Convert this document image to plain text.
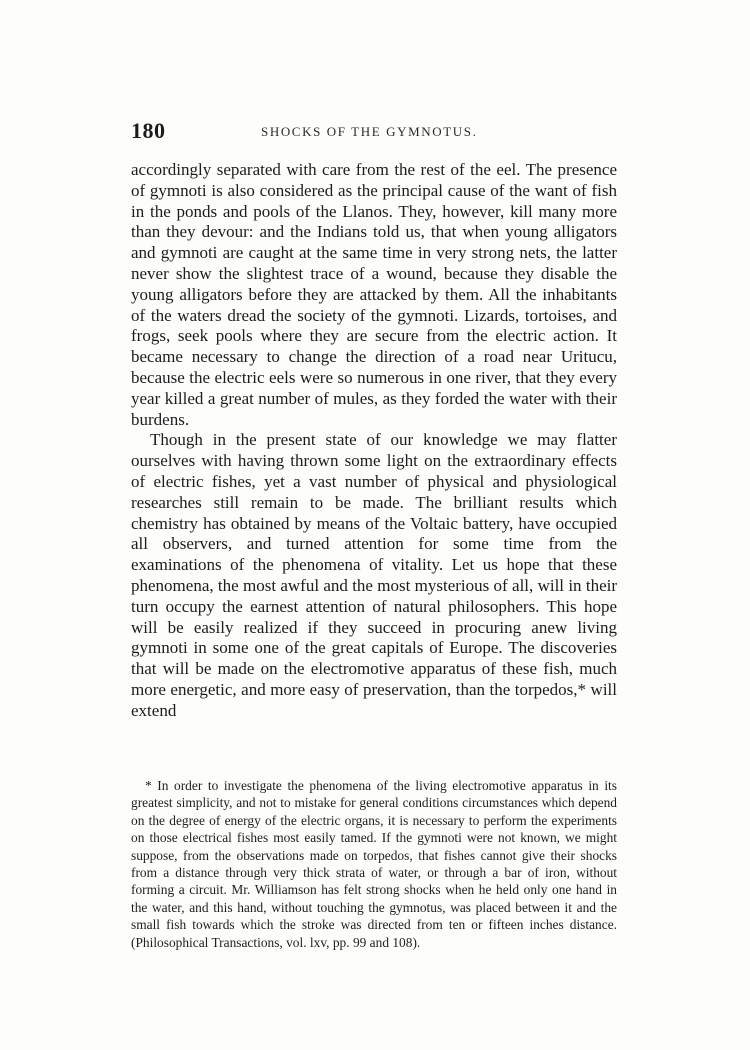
180	SHOCKS OF THE GYMNOTUS.

accordingly separated with care from the rest of the eel. The presence of gymnoti is also considered as the principal cause of the want of fish in the ponds and pools of the Llanos. They, however, kill many more than they devour: and the Indians told us, that when young alligators and gymnoti are caught at the same time in very strong nets, the latter never show the slightest trace of a wound, because they disable the young alligators before they are attacked by them. All the inhabitants of the waters dread the society of the gymnoti. Lizards, tortoises, and frogs, seek pools where they are secure from the electric action. It became necessary to change the direction of a road near Uritucu, because the electric eels were so numerous in one river, that they every year killed a great number of mules, as they forded the water with their burdens.

Though in the present state of our knowledge we may flatter ourselves with having thrown some light on the extraordinary effects of electric fishes, yet a vast number of physical and physiological researches still remain to be made. The brilliant results which chemistry has obtained by means of the Voltaic battery, have occupied all observers, and turned attention for some time from the examinations of the phenomena of vitality. Let us hope that these phenomena, the most awful and the most mysterious of all, will in their turn occupy the earnest attention of natural philosophers. This hope will be easily realized if they succeed in procuring anew living gymnoti in some one of the great capitals of Europe. The discoveries that will be made on the electromotive apparatus of these fish, much more energetic, and more easy of preservation, than the torpedos,* will extend

* In order to investigate the phenomena of the living electromotive apparatus in its greatest simplicity, and not to mistake for general conditions circumstances which depend on the degree of energy of the electric organs, it is necessary to perform the experiments on those electrical fishes most easily tamed. If the gymnoti were not known, we might suppose, from the observations made on torpedos, that fishes cannot give their shocks from a distance through very thick strata of water, or through a bar of iron, without forming a circuit. Mr. Williamson has felt strong shocks when he held only one hand in the water, and this hand, without touching the gymnotus, was placed between it and the small fish towards which the stroke was directed from ten or fifteen inches distance. (Philosophical Transactions, vol. lxv, pp. 99 and 108).
